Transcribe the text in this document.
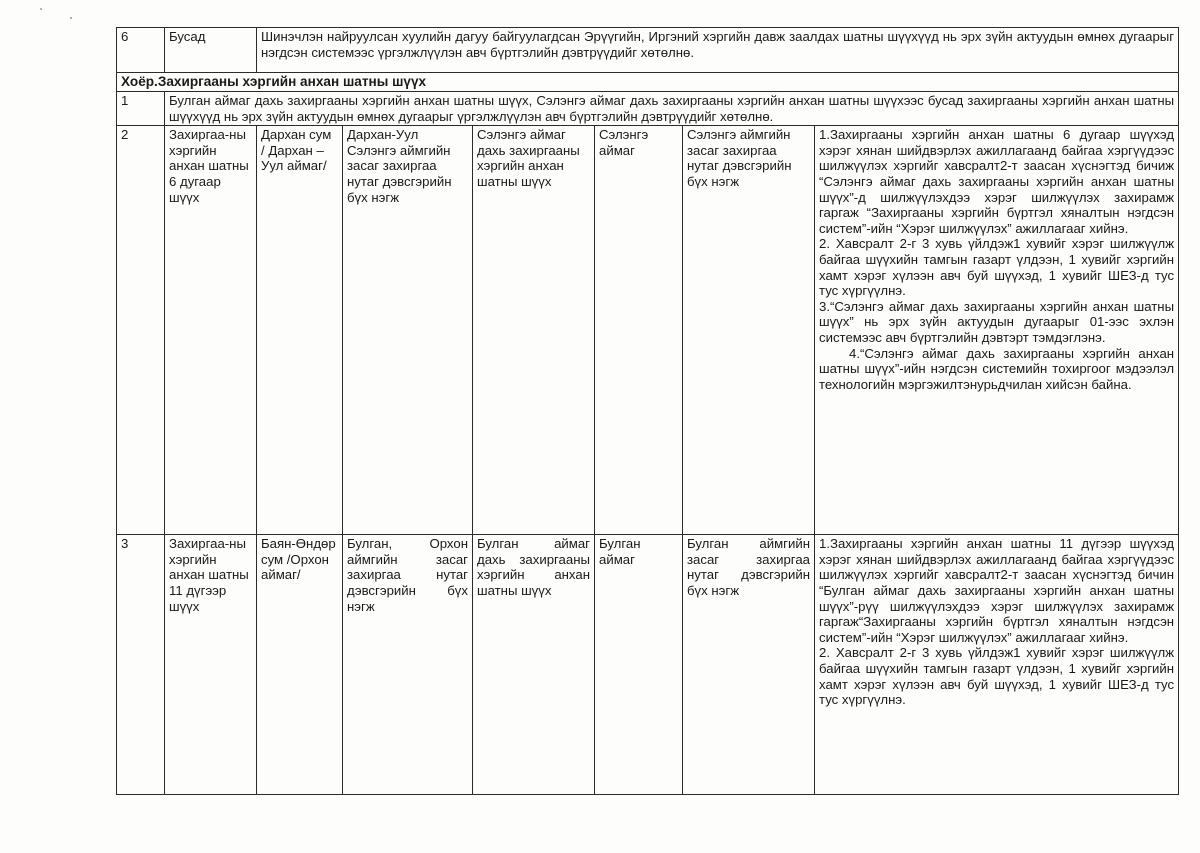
6	Бусад	Шинэчлэн найруулсан хуулийн дагуу байгуулагдсан Эрүүгийн, Иргэний хэргийн давж заалдах шатны шүүхүүд нь эрх зүйн актуудын өмнөх дугаарыг нэгдсэн системээс үргэлжлүүлэн авч бүртгэлийн дэвтрүүдийг хөтөлнө.					
Хоёр.Захиргааны хэргийн анхан шатны шүүх							
1	Булган аймаг дахь захиргааны хэргийн анхан шатны шүүх, Сэлэнгэ аймаг дахь захиргааны хэргийн анхан шатны шүүхээс бусад захиргааны хэргийн анхан шатны шүүхүүд нь эрх зүйн актуудын өмнөх дугаарыг үргэлжлүүлэн авч бүртгэлийн дэвтрүүдийг хөтөлнө.						
2	Захиргаа-ны хэргийн анхан шатны 6 дугаар шүүх	Дархан сум / Дархан – Уул аймаг/	Дархан-Уул Сэлэнгэ аймгийн засаг захиргаа нутаг дэвсгэрийн бүх нэгж	Сэлэнгэ аймаг дахь захиргааны хэргийн анхан шатны шүүх	Сэлэнгэ аймаг	Сэлэнгэ аймгийн засаг захиргаа нутаг дэвсгэрийн бүх нэгж	1.Захиргааны хэргийн анхан шатны 6 дугаар шүүхэд хэрэг хянан шийдвэрлэх ажиллагаанд байгаа хэргүүдээс шилжүүлэх хэргийг хавсралт2-т заасан хүснэгтэд бичиж “Сэлэнгэ аймаг дахь захиргааны хэргийн анхан шатны шүүх”-д шилжүүлэхдээ хэрэг шилжүүлэх захирамж гаргаж “Захиргааны хэргийн бүртгэл хяналтын нэгдсэн систем”-ийн “Хэрэг шилжүүлэх” ажиллагааг хийнэ.
2. Хавсралт 2-г 3 хувь үйлдэж1 хувийг хэрэг шилжүүлж байгаа шүүхийн тамгын газарт үлдээн, 1 хувийг хэргийн хамт хэрэг хүлээн авч буй шүүхэд, 1 хувийг ШЕЗ-д тус тус хүргүүлнэ.
3.“Сэлэнгэ аймаг дахь захиргааны хэргийн анхан шатны шүүх” нь эрх зүйн актуудын дугаарыг 01-ээс эхлэн системээс авч бүртгэлийн дэвтэрт тэмдэглэнэ.

4.“Сэлэнгэ аймаг дахь захиргааны хэргийн анхан шатны шүүх”-ийн нэгдсэн системийн тохиргоог мэдээлэл технологийн мэргэжилтэнурьдчилан хийсэн байна.

3	Захиргаа-ны хэргийн анхан шатны 11 дүгээр шүүх	Баян-Өндөр сум /Орхон аймаг/	Булган, Орхон аймгийн засаг захиргаа нутаг дэвсгэрийн бүх нэгж	Булган аймаг дахь захиргааны хэргийн анхан шатны шүүх	Булган аймаг	Булган аймгийн засаг захиргаа нутаг дэвсгэрийн бүх нэгж	1.Захиргааны хэргийн анхан шатны 11 дүгээр шүүхэд хэрэг хянан шийдвэрлэх ажиллагаанд байгаа хэргүүдээс шилжүүлэх хэргийг хавсралт2-т заасан хүснэгтэд бичин “Булган аймаг дахь захиргааны хэргийн анхан шатны шүүх”-рүү шилжүүлэхдээ хэрэг шилжүүлэх захирамж гаргаж“Захиргааны хэргийн бүртгэл хяналтын нэгдсэн систем”-ийн “Хэрэг шилжүүлэх” ажиллагааг хийнэ.
2. Хавсралт 2-г 3 хувь үйлдэж1 хувийг хэрэг шилжүүлж байгаа шүүхийн тамгын газарт үлдээн, 1 хувийг хэргийн хамт хэрэг хүлээн авч буй шүүхэд, 1 хувийг ШЕЗ-д тус тус хүргүүлнэ.
